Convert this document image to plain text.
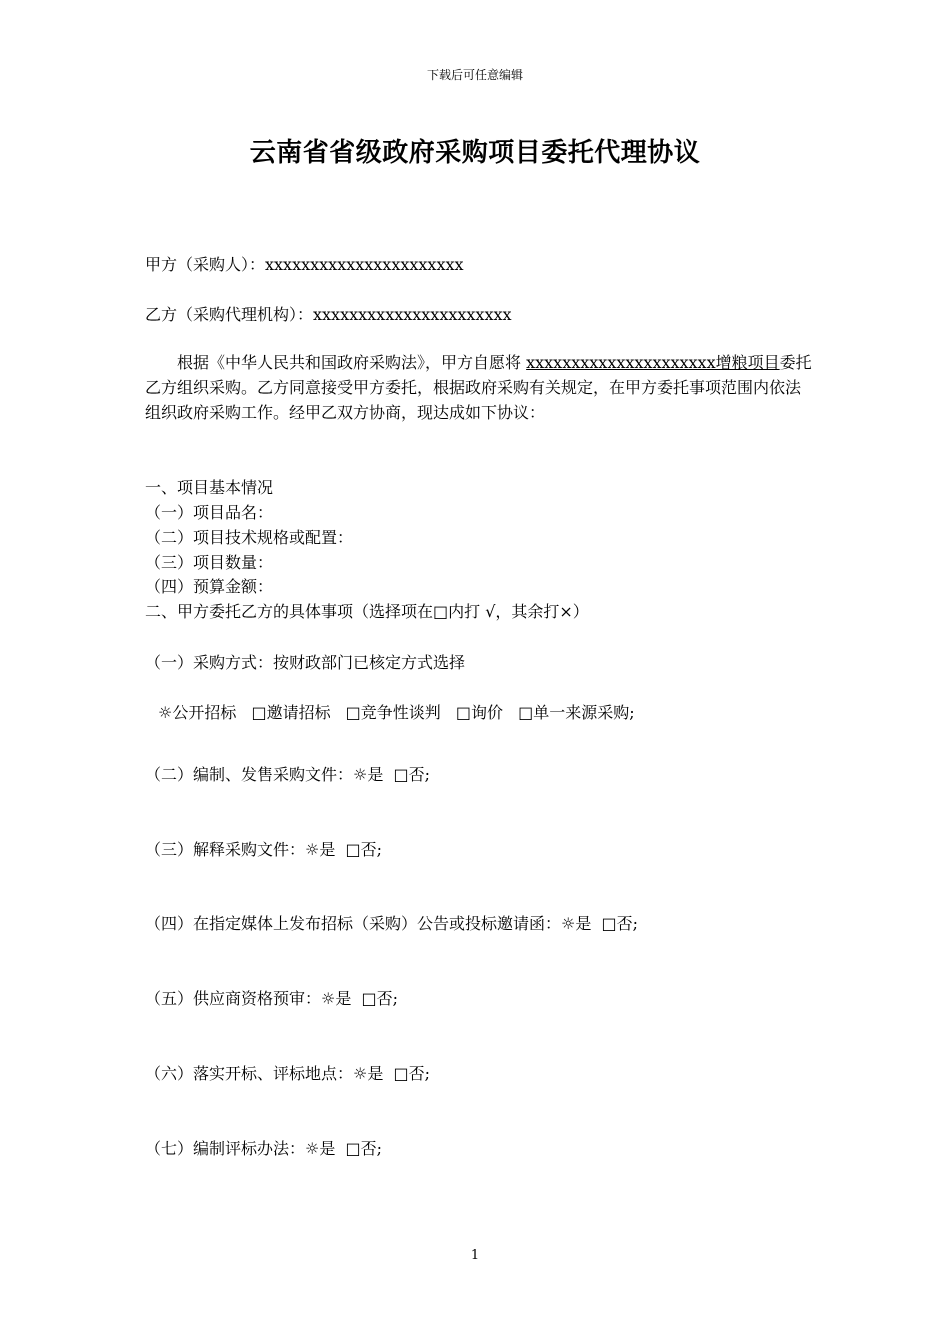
下载后可任意编辑
云南省省级政府采购项目委托代理协议
甲方（采购人）：xxxxxxxxxxxxxxxxxxxxxx
乙方（采购代理机构）：xxxxxxxxxxxxxxxxxxxxxx
根据《中华人民共和国政府采购法》，甲方自愿将 xxxxxxxxxxxxxxxxxxxxx增粮项目委托乙方组织采购。乙方同意接受甲方委托，根据政府采购有关规定，在甲方委托事项范围内依法组织政府采购工作。经甲乙双方协商，现达成如下协议：
一、项目基本情况
（一）项目品名：
（二）项目技术规格或配置：
（三）项目数量：
（四）预算金额：
二、甲方委托乙方的具体事项（选择项在□内打 √，其余打×）
（一）采购方式：按财政部门已核定方式选择
☼公开招标 □邀请招标 □竞争性谈判 □询价 □单一来源采购;
（二）编制、发售采购文件：☼是 □否;
（三）解释采购文件：☼是 □否;
（四）在指定媒体上发布招标（采购）公告或投标邀请函：☼是 □否;
（五）供应商资格预审：☼是 □否;
（六）落实开标、评标地点：☼是 □否;
（七）编制评标办法：☼是 □否;
1
